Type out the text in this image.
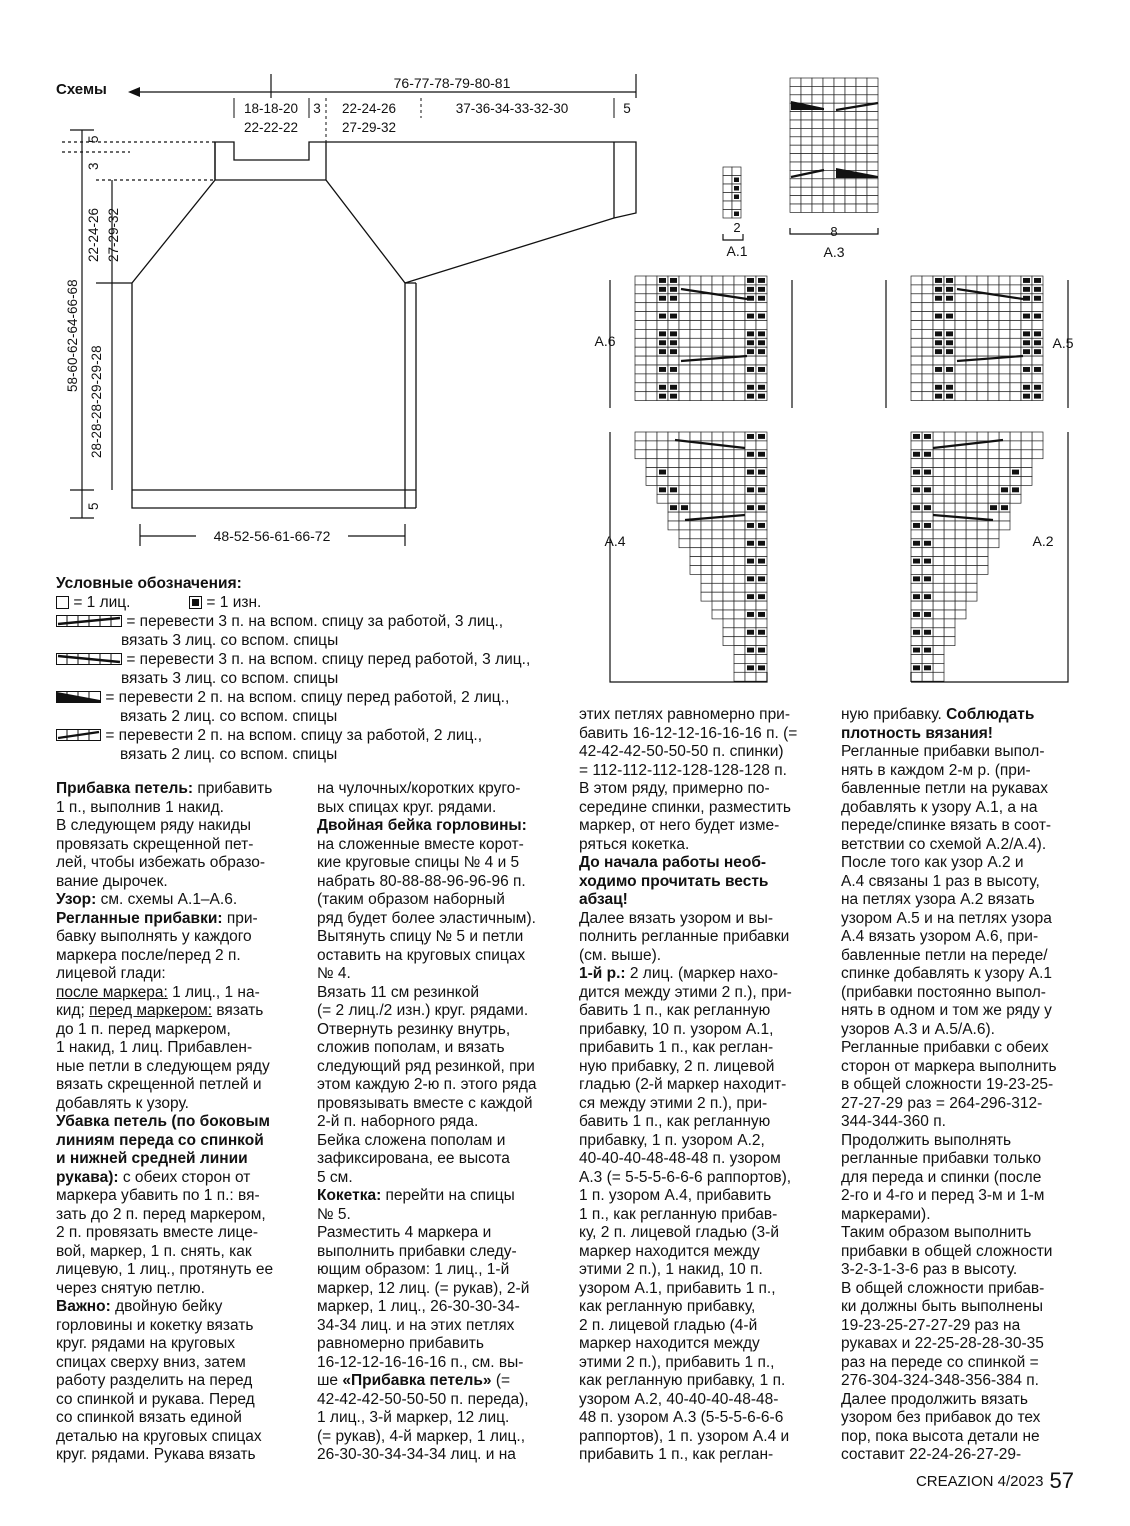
Схемы	76-77-78-79-80-81
18-18-20
22-22-22
3 22-24-26
27-29-32
37-36-34-33-32-30	5
5
3
22-24-26 27-29-32
58-60-62-64-66-68
28-28-28-29-29-28
5
48-52-56-61-66-72
2
A.1
8
A.3
A.6	A.5
A.4	A.2
Условные обозначения:
= 1 лиц.	= 1 изн.
= перевести 3 п. на вспом. спицу за работой, 3 лиц.,
вязать 3 лиц. со вспом. спицы
= перевести 3 п. на вспом. спицу перед работой, 3 лиц.,
вязать 3 лиц. со вспом. спицы
= перевести 2 п. на вспом. спицу перед работой, 2 лиц.,
вязать 2 лиц. со вспом. спицы
= перевести 2 п. на вспом. спицу за работой, 2 лиц.,
вязать 2 лиц. со вспом. спицы

Прибавка петель: прибавить

1 п., выполнив 1 накид.

В следующем ряду накиды

провязать скрещенной пет-

лей, чтобы избежать образо-

вание дырочек.

Узор: см. схемы А.1–А.6.

Регланные прибавки: при-

бавку выполнять у каждого

маркера после/перед 2 п.

лицевой глади:

после маркера: 1 лиц., 1 на-

кид; перед маркером: вязать

до 1 п. перед маркером,

1 накид, 1 лиц. Прибавлен-

ные петли в следующем ряду

вязать скрещенной петлей и

добавлять к узору.

Убавка петель (по боковым

линиям переда со спинкой

и нижней средней линии

рукава): с обеих сторон от

маркера убавить по 1 п.: вя-

зать до 2 п. перед маркером,

2 п. провязать вместе лице-

вой, маркер, 1 п. снять, как

лицевую, 1 лиц., протянуть ее

через снятую петлю.

Важно: двойную бейку

горловины и кокетку вязать

круг. рядами на круговых

спицах сверху вниз, затем

работу разделить на перед

со спинкой и рукава. Перед

со спинкой вязать единой

деталью на круговых спицах

круг. рядами. Рукава вязать

на чулочных/коротких круго-

вых спицах круг. рядами.

Двойная бейка горловины:

на сложенные вместе корот-

кие круговые спицы № 4 и 5

набрать 80-88-88-96-96-96 п.

(таким образом наборный

ряд будет более эластичным).

Вытянуть спицу № 5 и петли

оставить на круговых спицах

№ 4.

Вязать 11 см резинкой

(= 2 лиц./2 изн.) круг. рядами.

Отвернуть резинку внутрь,

сложив пополам, и вязать

следующий ряд резинкой, при

этом каждую 2-ю п. этого ряда

провязывать вместе с каждой

2-й п. наборного ряда.

Бейка сложена пополам и

зафиксирована, ее высота

5 см.

Кокетка: перейти на спицы

№ 5.

Разместить 4 маркера и

выполнить прибавки следу-

ющим образом: 1 лиц., 1-й

маркер, 12 лиц. (= рукав), 2-й

маркер, 1 лиц., 26-30-30-34-

34-34 лиц. и на этих петлях

равномерно прибавить

16-12-12-16-16-16 п., см. вы-

ше «Прибавка петель» (=

42-42-42-50-50-50 п. переда),

1 лиц., 3-й маркер, 12 лиц.

(= рукав), 4-й маркер, 1 лиц.,

26-30-30-34-34-34 лиц. и на

этих петлях равномерно при-

бавить 16-12-12-16-16-16 п. (=

42-42-42-50-50-50 п. спинки)

= 112-112-112-128-128-128 п.

В этом ряду, примерно по-

середине спинки, разместить

маркер, от него будет изме-

ряться кокетка.

До начала работы необ-

ходимо прочитать весть

абзац!

Далее вязать узором и вы-

полнить регланные прибавки

(см. выше).

1-й р.: 2 лиц. (маркер нахо-

дится между этими 2 п.), при-

бавить 1 п., как регланную

прибавку, 10 п. узором А.1,

прибавить 1 п., как реглан-

ную прибавку, 2 п. лицевой

гладью (2-й маркер находит-

ся между этими 2 п.), при-

бавить 1 п., как регланную

прибавку, 1 п. узором А.2,

40-40-40-48-48-48 п. узором

А.3 (= 5-5-5-6-6-6 раппортов),

1 п. узором А.4, прибавить

1 п., как регланную прибав-

ку, 2 п. лицевой гладью (3-й

маркер находится между

этими 2 п.), 1 накид, 10 п.

узором А.1, прибавить 1 п.,

как регланную прибавку,

2 п. лицевой гладью (4-й

маркер находится между

этими 2 п.), прибавить 1 п.,

как регланную прибавку, 1 п.

узором А.2, 40-40-40-48-48-

48 п. узором А.3 (5-5-5-6-6-6

раппортов), 1 п. узором А.4 и

прибавить 1 п., как реглан-

ную прибавку. Соблюдать

плотность вязания!

Регланные прибавки выпол-

нять в каждом 2-м р. (при-

бавленные петли на рукавах

добавлять к узору А.1, а на

переде/спинке вязать в соот-

ветствии со схемой А.2/А.4).

После того как узор А.2 и

А.4 связаны 1 раз в высоту,

на петлях узора А.2 вязать

узором А.5 и на петлях узора

А.4 вязать узором А.6, при-

бавленные петли на переде/

спинке добавлять к узору А.1

(прибавки постоянно выпол-

нять в одном и том же ряду у

узоров А.3 и А.5/А.6).

Регланные прибавки с обеих

сторон от маркера выполнить

в общей сложности 19-23-25-

27-27-29 раз = 264-296-312-

344-344-360 п.

Продолжить выполнять

регланные прибавки только

для переда и спинки (после

2-го и 4-го и перед 3-м и 1-м

маркерами).

Таким образом выполнить

прибавки в общей сложности

3-2-3-1-3-6 раз в высоту.

В общей сложности прибав-

ки должны быть выполнены

19-23-25-27-27-29 раз на

рукавах и 22-25-28-28-30-35

раз на переде со спинкой =

276-304-324-348-356-384 п.

Далее продолжить вязать

узором без прибавок до тех

пор, пока высота детали не

составит 22-24-26-27-29-

CREAZION 4/2023 57
